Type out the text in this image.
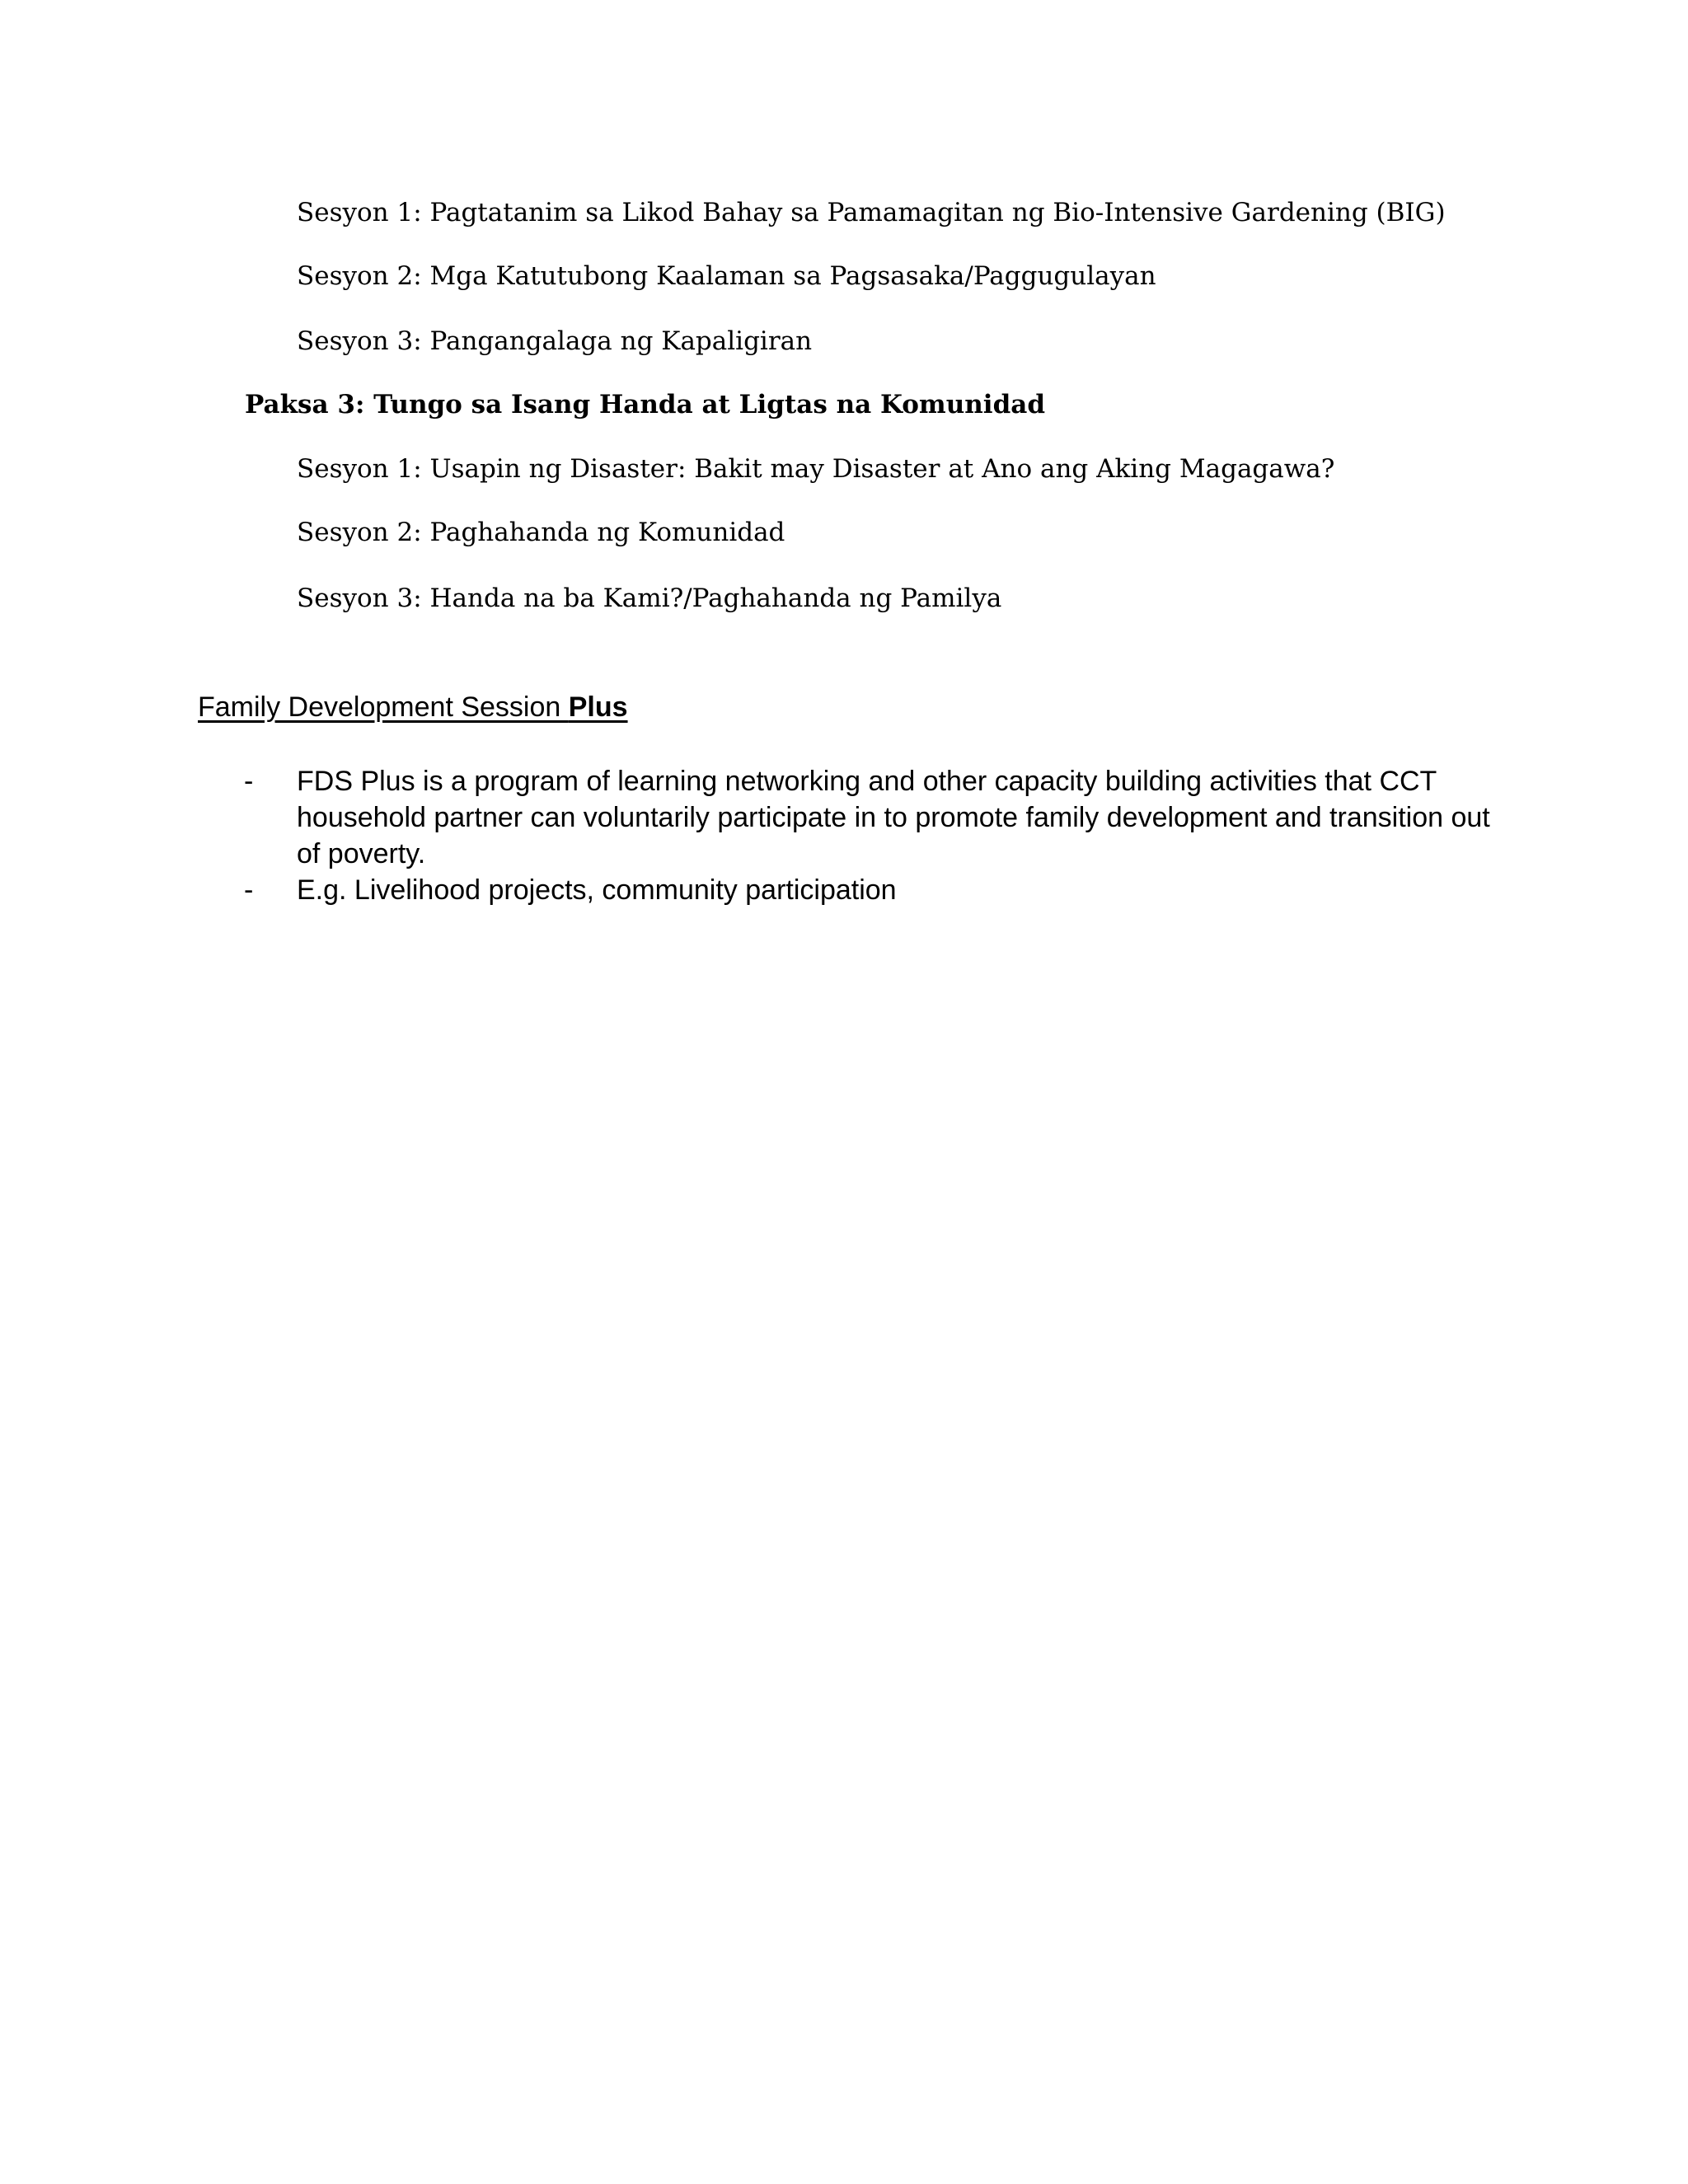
Sesyon 1: Pagtatanim sa Likod Bahay sa Pamamagitan ng Bio-Intensive Gardening (BIG)
Sesyon 2: Mga Katutubong Kaalaman sa Pagsasaka/Paggugulayan
Sesyon 3: Pangangalaga ng Kapaligiran
Paksa 3: Tungo sa Isang Handa at Ligtas na Komunidad
Sesyon 1: Usapin ng Disaster: Bakit may Disaster at Ano ang Aking Magagawa?
Sesyon 2: Paghahanda ng Komunidad
Sesyon 3: Handa na ba Kami?/Paghahanda ng Pamilya
Family Development Session Plus
- FDS Plus is a program of learning networking and other capacity building activities that CCT household partner can voluntarily participate in to promote family development and transition out of poverty.
- E.g. Livelihood projects, community participation
